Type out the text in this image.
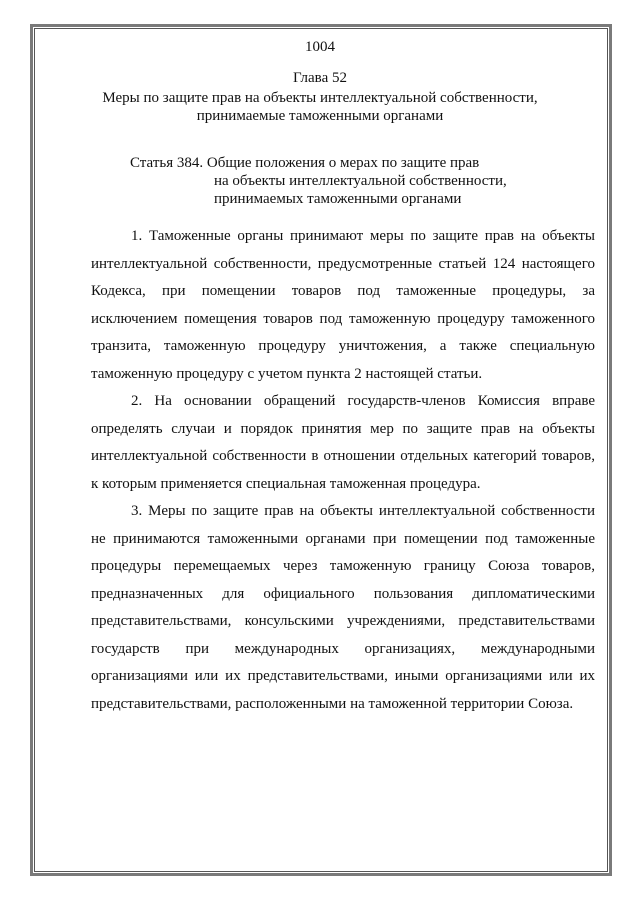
1004
Глава 52
Меры по защите прав на объекты интеллектуальной собственности,
принимаемые таможенными органами
Статья 384. Общие положения о мерах по защите прав
на объекты интеллектуальной собственности,
принимаемых таможенными органами

1. Таможенные органы принимают меры по защите прав на объекты интеллектуальной собственности, предусмотренные статьей 124 настоящего Кодекса, при помещении товаров под таможенные процедуры, за исключением помещения товаров под таможенную процедуру таможенного транзита, таможенную процедуру уничтожения, а также специальную таможенную процедуру с учетом пункта 2 настоящей статьи.

2. На основании обращений государств-членов Комиссия вправе определять случаи и порядок принятия мер по защите прав на объекты интеллектуальной собственности в отношении отдельных категорий товаров, к которым применяется специальная таможенная процедура.

3. Меры по защите прав на объекты интеллектуальной собственности не принимаются таможенными органами при помещении под таможенные процедуры перемещаемых через таможенную границу Союза товаров, предназначенных для официального пользования дипломатическими представительствами, консульскими учреждениями, представительствами государств при международных организациях, международными организациями или их представительствами, иными организациями или их представительствами, расположенными на таможенной территории Союза.
